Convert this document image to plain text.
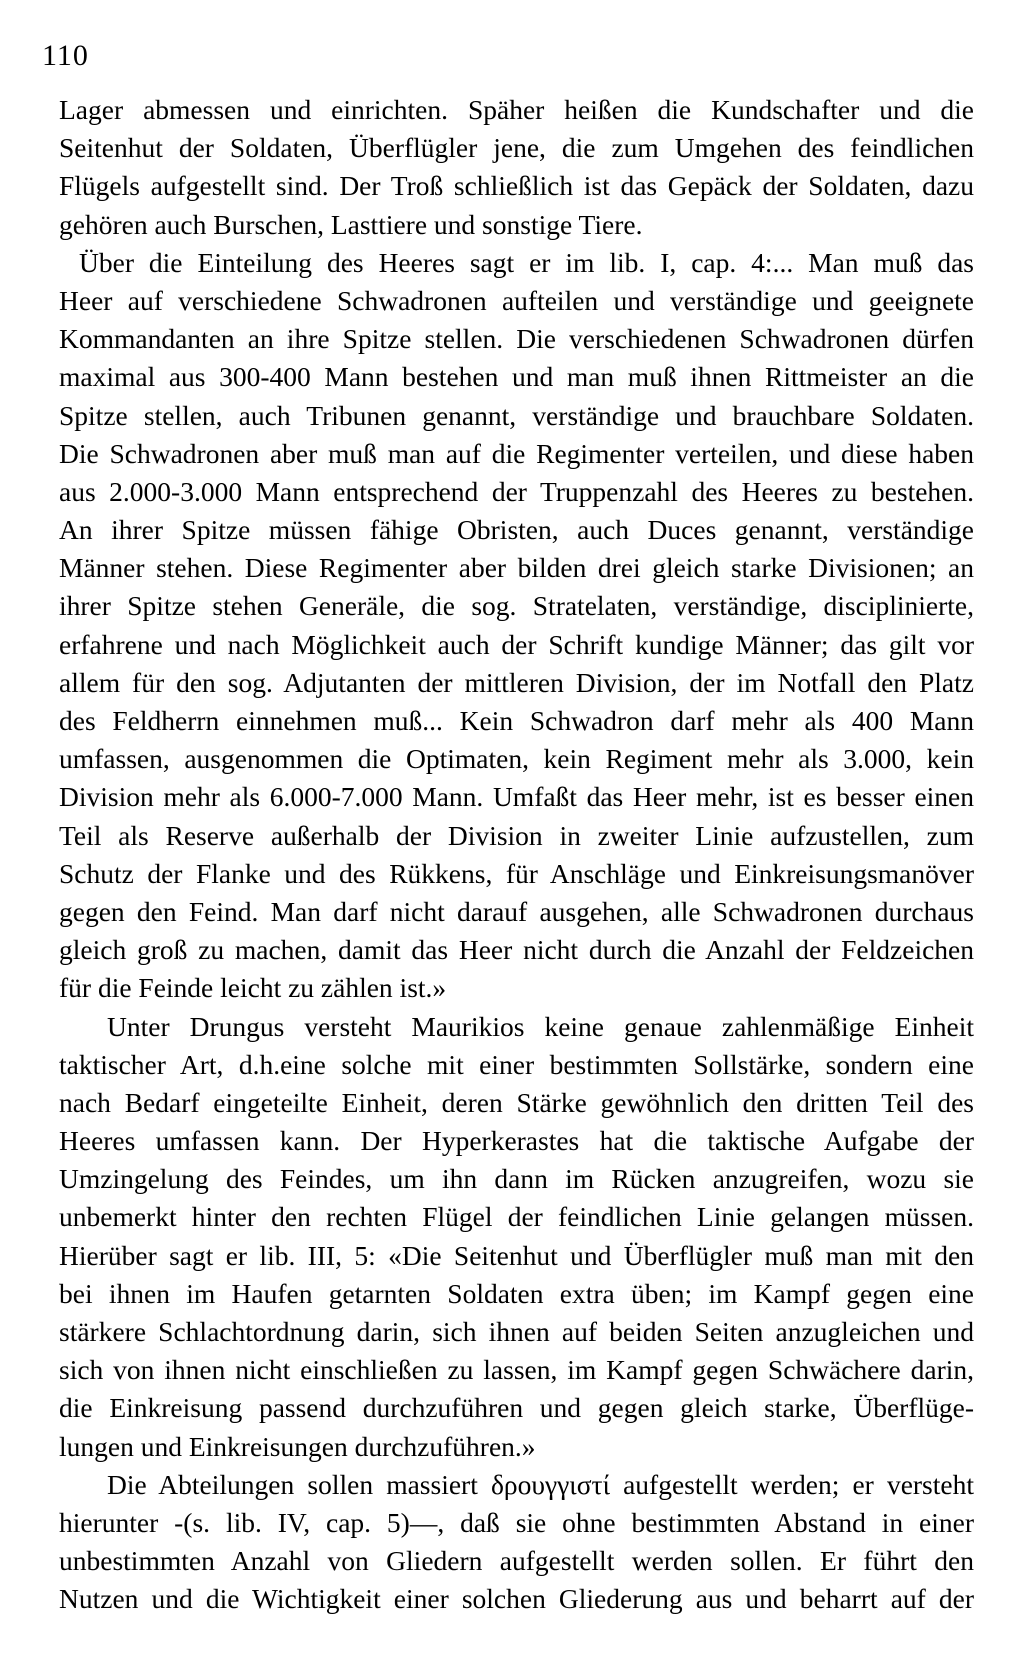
110
Lager abmessen und einrichten. Späher heißen die Kundschafter und die
Seitenhut der Soldaten, Überflügler jene, die zum Umgehen des feindlichen
Flügels aufgestellt sind. Der Troß schließlich ist das Gepäck der Soldaten, dazu
gehören auch Burschen, Lasttiere und sonstige Tiere.
Über die Einteilung des Heeres sagt er im lib. I, cap. 4:... Man muß das
Heer auf verschiedene Schwadronen aufteilen und verständige und geeignete
Kommandanten an ihre Spitze stellen. Die verschiedenen Schwadronen dürfen
maximal aus 300-400 Mann bestehen und man muß ihnen Rittmeister an die
Spitze stellen, auch Tribunen genannt, verständige und brauchbare Soldaten.
Die Schwadronen aber muß man auf die Regimenter verteilen, und diese haben
aus 2.000-3.000 Mann entsprechend der Truppenzahl des Heeres zu bestehen.
An ihrer Spitze müssen fähige Obristen, auch Duces genannt, verständige
Männer stehen. Diese Regimenter aber bilden drei gleich starke Divisionen; an
ihrer Spitze stehen Generäle, die sog. Stratelaten, verständige, disciplinierte,
erfahrene und nach Möglichkeit auch der Schrift kundige Männer; das gilt vor
allem für den sog. Adjutanten der mittleren Division, der im Notfall den Platz
des Feldherrn einnehmen muß... Kein Schwadron darf mehr als 400 Mann
umfassen, ausgenommen die Optimaten, kein Regiment mehr als 3.000, kein
Division mehr als 6.000-7.000 Mann. Umfaßt das Heer mehr, ist es besser einen
Teil als Reserve außerhalb der Division in zweiter Linie aufzustellen, zum
Schutz der Flanke und des Rükkens, für Anschläge und Einkreisungsmanöver
gegen den Feind. Man darf nicht darauf ausgehen, alle Schwadronen durchaus
gleich groß zu machen, damit das Heer nicht durch die Anzahl der Feldzeichen
für die Feinde leicht zu zählen ist.»
Unter Drungus versteht Maurikios keine genaue zahlenmäßige Einheit
taktischer Art, d.h.eine solche mit einer bestimmten Sollstärke, sondern eine
nach Bedarf eingeteilte Einheit, deren Stärke gewöhnlich den dritten Teil des
Heeres umfassen kann. Der Hyperkerastes hat die taktische Aufgabe der
Umzingelung des Feindes, um ihn dann im Rücken anzugreifen, wozu sie
unbemerkt hinter den rechten Flügel der feindlichen Linie gelangen müssen.
Hierüber sagt er lib. III, 5: «Die Seitenhut und Überflügler muß man mit den
bei ihnen im Haufen getarnten Soldaten extra üben; im Kampf gegen eine
stärkere Schlachtordnung darin, sich ihnen auf beiden Seiten anzugleichen und
sich von ihnen nicht einschließen zu lassen, im Kampf gegen Schwächere darin,
die Einkreisung passend durchzuführen und gegen gleich starke, Überflüge-
lungen und Einkreisungen durchzuführen.»
Die Abteilungen sollen massiert δρουγγιστί aufgestellt werden; er versteht
hierunter -(s. lib. IV, cap. 5)—, daß sie ohne bestimmten Abstand in einer
unbestimmten Anzahl von Gliedern aufgestellt werden sollen. Er führt den
Nutzen und die Wichtigkeit einer solchen Gliederung aus und beharrt auf der
